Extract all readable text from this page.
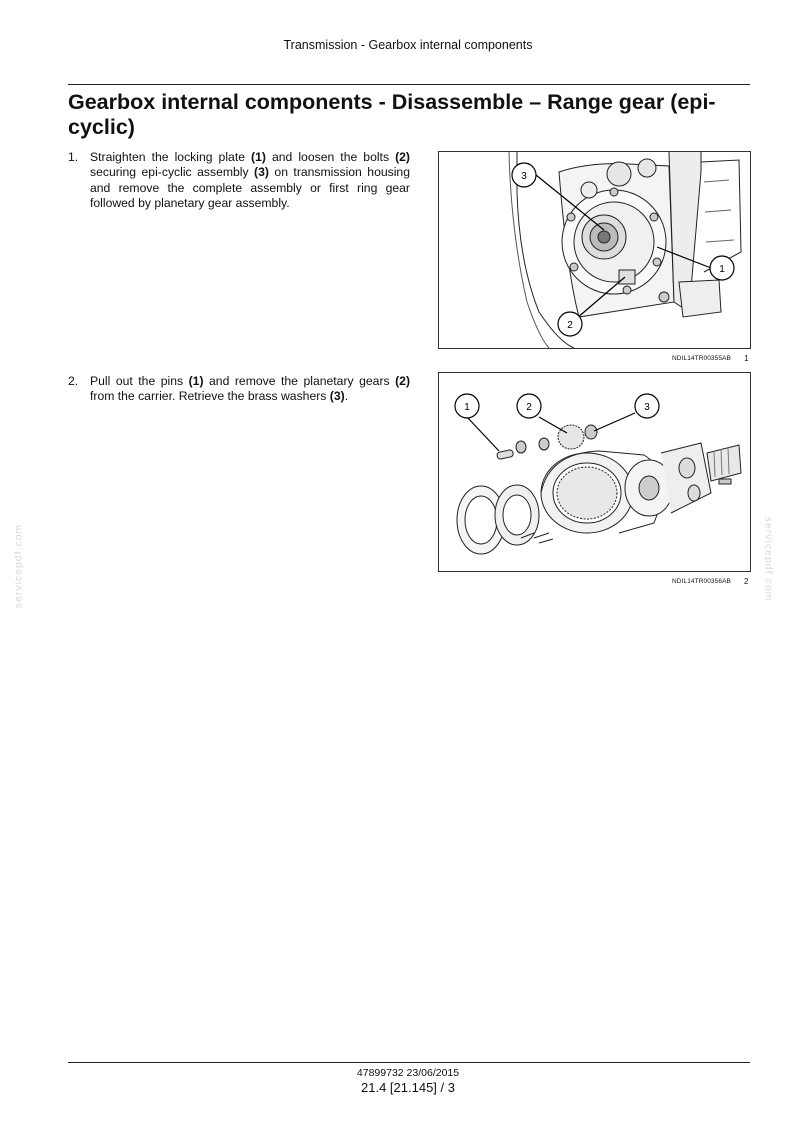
Transmission - Gearbox internal components
Gearbox internal components - Disassemble – Range gear (epi-cyclic)
1. Straighten the locking plate (1) and loosen the bolts (2) securing epi-cyclic assembly (3) on transmission housing and remove the complete assembly or first ring gear followed by planetary gear assembly.
3
1
2
NDIL14TR00355AB 1
2. Pull out the pins (1) and remove the planetary gears (2) from the carrier. Retrieve the brass washers (3).
1	2	3
NDIL14TR00356AB 2
servicepdf.com	servicepdf.com
47899732 23/06/2015
21.4 [21.145] / 3
